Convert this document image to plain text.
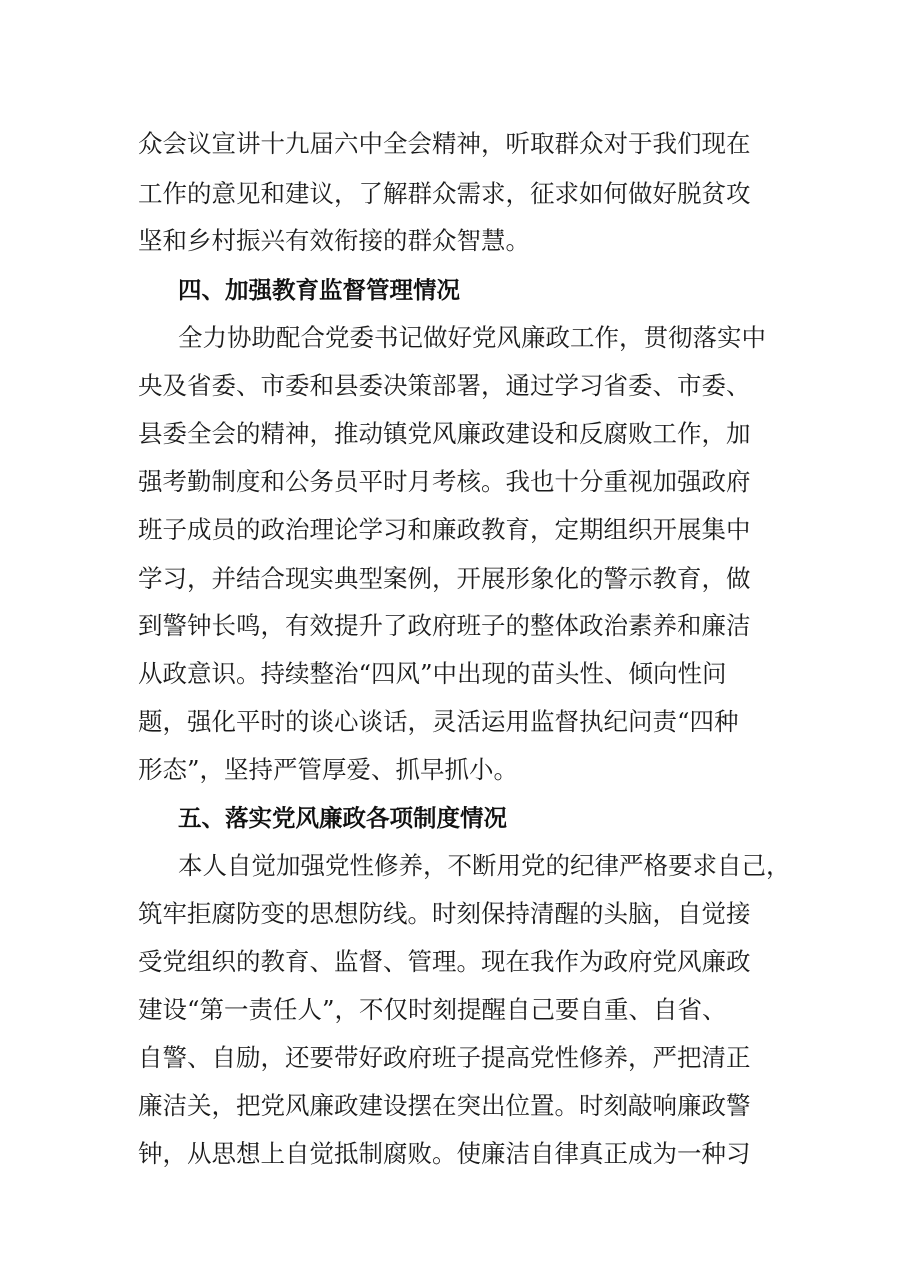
众会议宣讲十九届六中全会精神，听取群众对于我们现在
工作的意见和建议，了解群众需求，征求如何做好脱贫攻
坚和乡村振兴有效衔接的群众智慧。
四、加强教育监督管理情况
全力协助配合党委书记做好党风廉政工作，贯彻落实中
央及省委、市委和县委决策部署，通过学习省委、市委、
县委全会的精神，推动镇党风廉政建设和反腐败工作，加
强考勤制度和公务员平时月考核。我也十分重视加强政府
班子成员的政治理论学习和廉政教育，定期组织开展集中
学习，并结合现实典型案例，开展形象化的警示教育，做
到警钟长鸣，有效提升了政府班子的整体政治素养和廉洁
从政意识。持续整治“四风”中出现的苗头性、倾向性问
题，强化平时的谈心谈话，灵活运用监督执纪问责“四种
形态”，坚持严管厚爱、抓早抓小。
五、落实党风廉政各项制度情况
本人自觉加强党性修养，不断用党的纪律严格要求自己，
筑牢拒腐防变的思想防线。时刻保持清醒的头脑，自觉接
受党组织的教育、监督、管理。现在我作为政府党风廉政
建设“第一责任人”，不仅时刻提醒自己要自重、自省、
自警、自励，还要带好政府班子提高党性修养，严把清正
廉洁关，把党风廉政建设摆在突出位置。时刻敲响廉政警
钟，从思想上自觉抵制腐败。使廉洁自律真正成为一种习
